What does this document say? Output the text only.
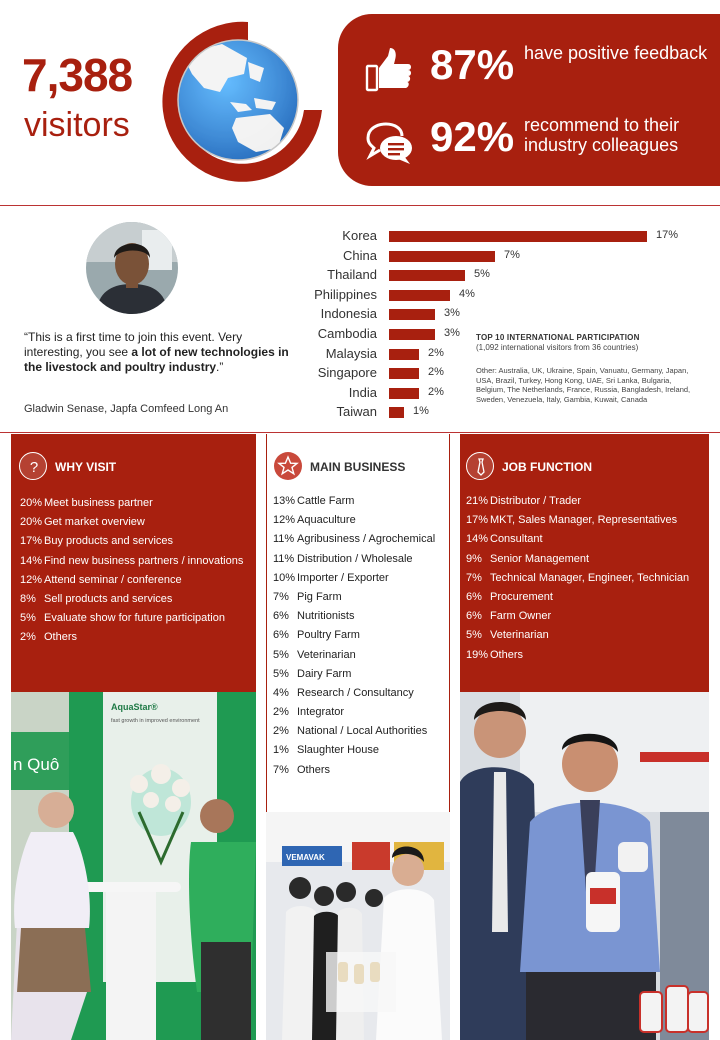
7,388
visitors
87% have positive feedback
92% recommend to their industry colleagues
“This is a first time to join this event. Very interesting, you see a lot of new technologies in the livestock and poultry industry.”
Gladwin Senase, Japfa Comfeed Long An
Korea	17%
China	7%
Thailand	5%
Philippines	4%
Indonesia	3%
Cambodia	3%
Malaysia	2%
Singapore	2%
India	2%
Taiwan	1%
TOP 10 INTERNATIONAL PARTICIPATION
(1,092 international visitors from 36 countries)
Other: Australia, UK, Ukraine, Spain, Vanuatu, Germany, Japan, USA, Brazil, Turkey, Hong Kong, UAE, Sri Lanka, Bulgaria, Belgium, The Netherlands, France, Russia, Bangladesh, Ireland, Sweden, Venezuela, Italy, Gambia, Kuwait, Canada
? WHY VISIT
20% Meet business partner
20% Get market overview
17% Buy products and services
14% Find new business partners / innovations
12% Attend seminar / conference
8% Sell products and services
5% Evaluate show for future participation
2% Others
MAIN BUSINESS
13% Cattle Farm
12% Aquaculture
11% Agribusiness / Agrochemical
11% Distribution / Wholesale
10% Importer / Exporter
7% Pig Farm
6% Nutritionists
6% Poultry Farm
5% Veterinarian
5% Dairy Farm
4% Research / Consultancy
2% Integrator
2% National / Local Authorities
1% Slaughter House
7% Others
JOB FUNCTION
21% Distributor / Trader
17% MKT, Sales Manager, Representatives
14% Consultant
9% Senior Management
7% Technical Manager, Engineer, Technician
6% Procurement
6% Farm Owner
5% Veterinarian
19% Others
n Quô
AquaStar®
fast growth in improved environment
VEMAVAK
